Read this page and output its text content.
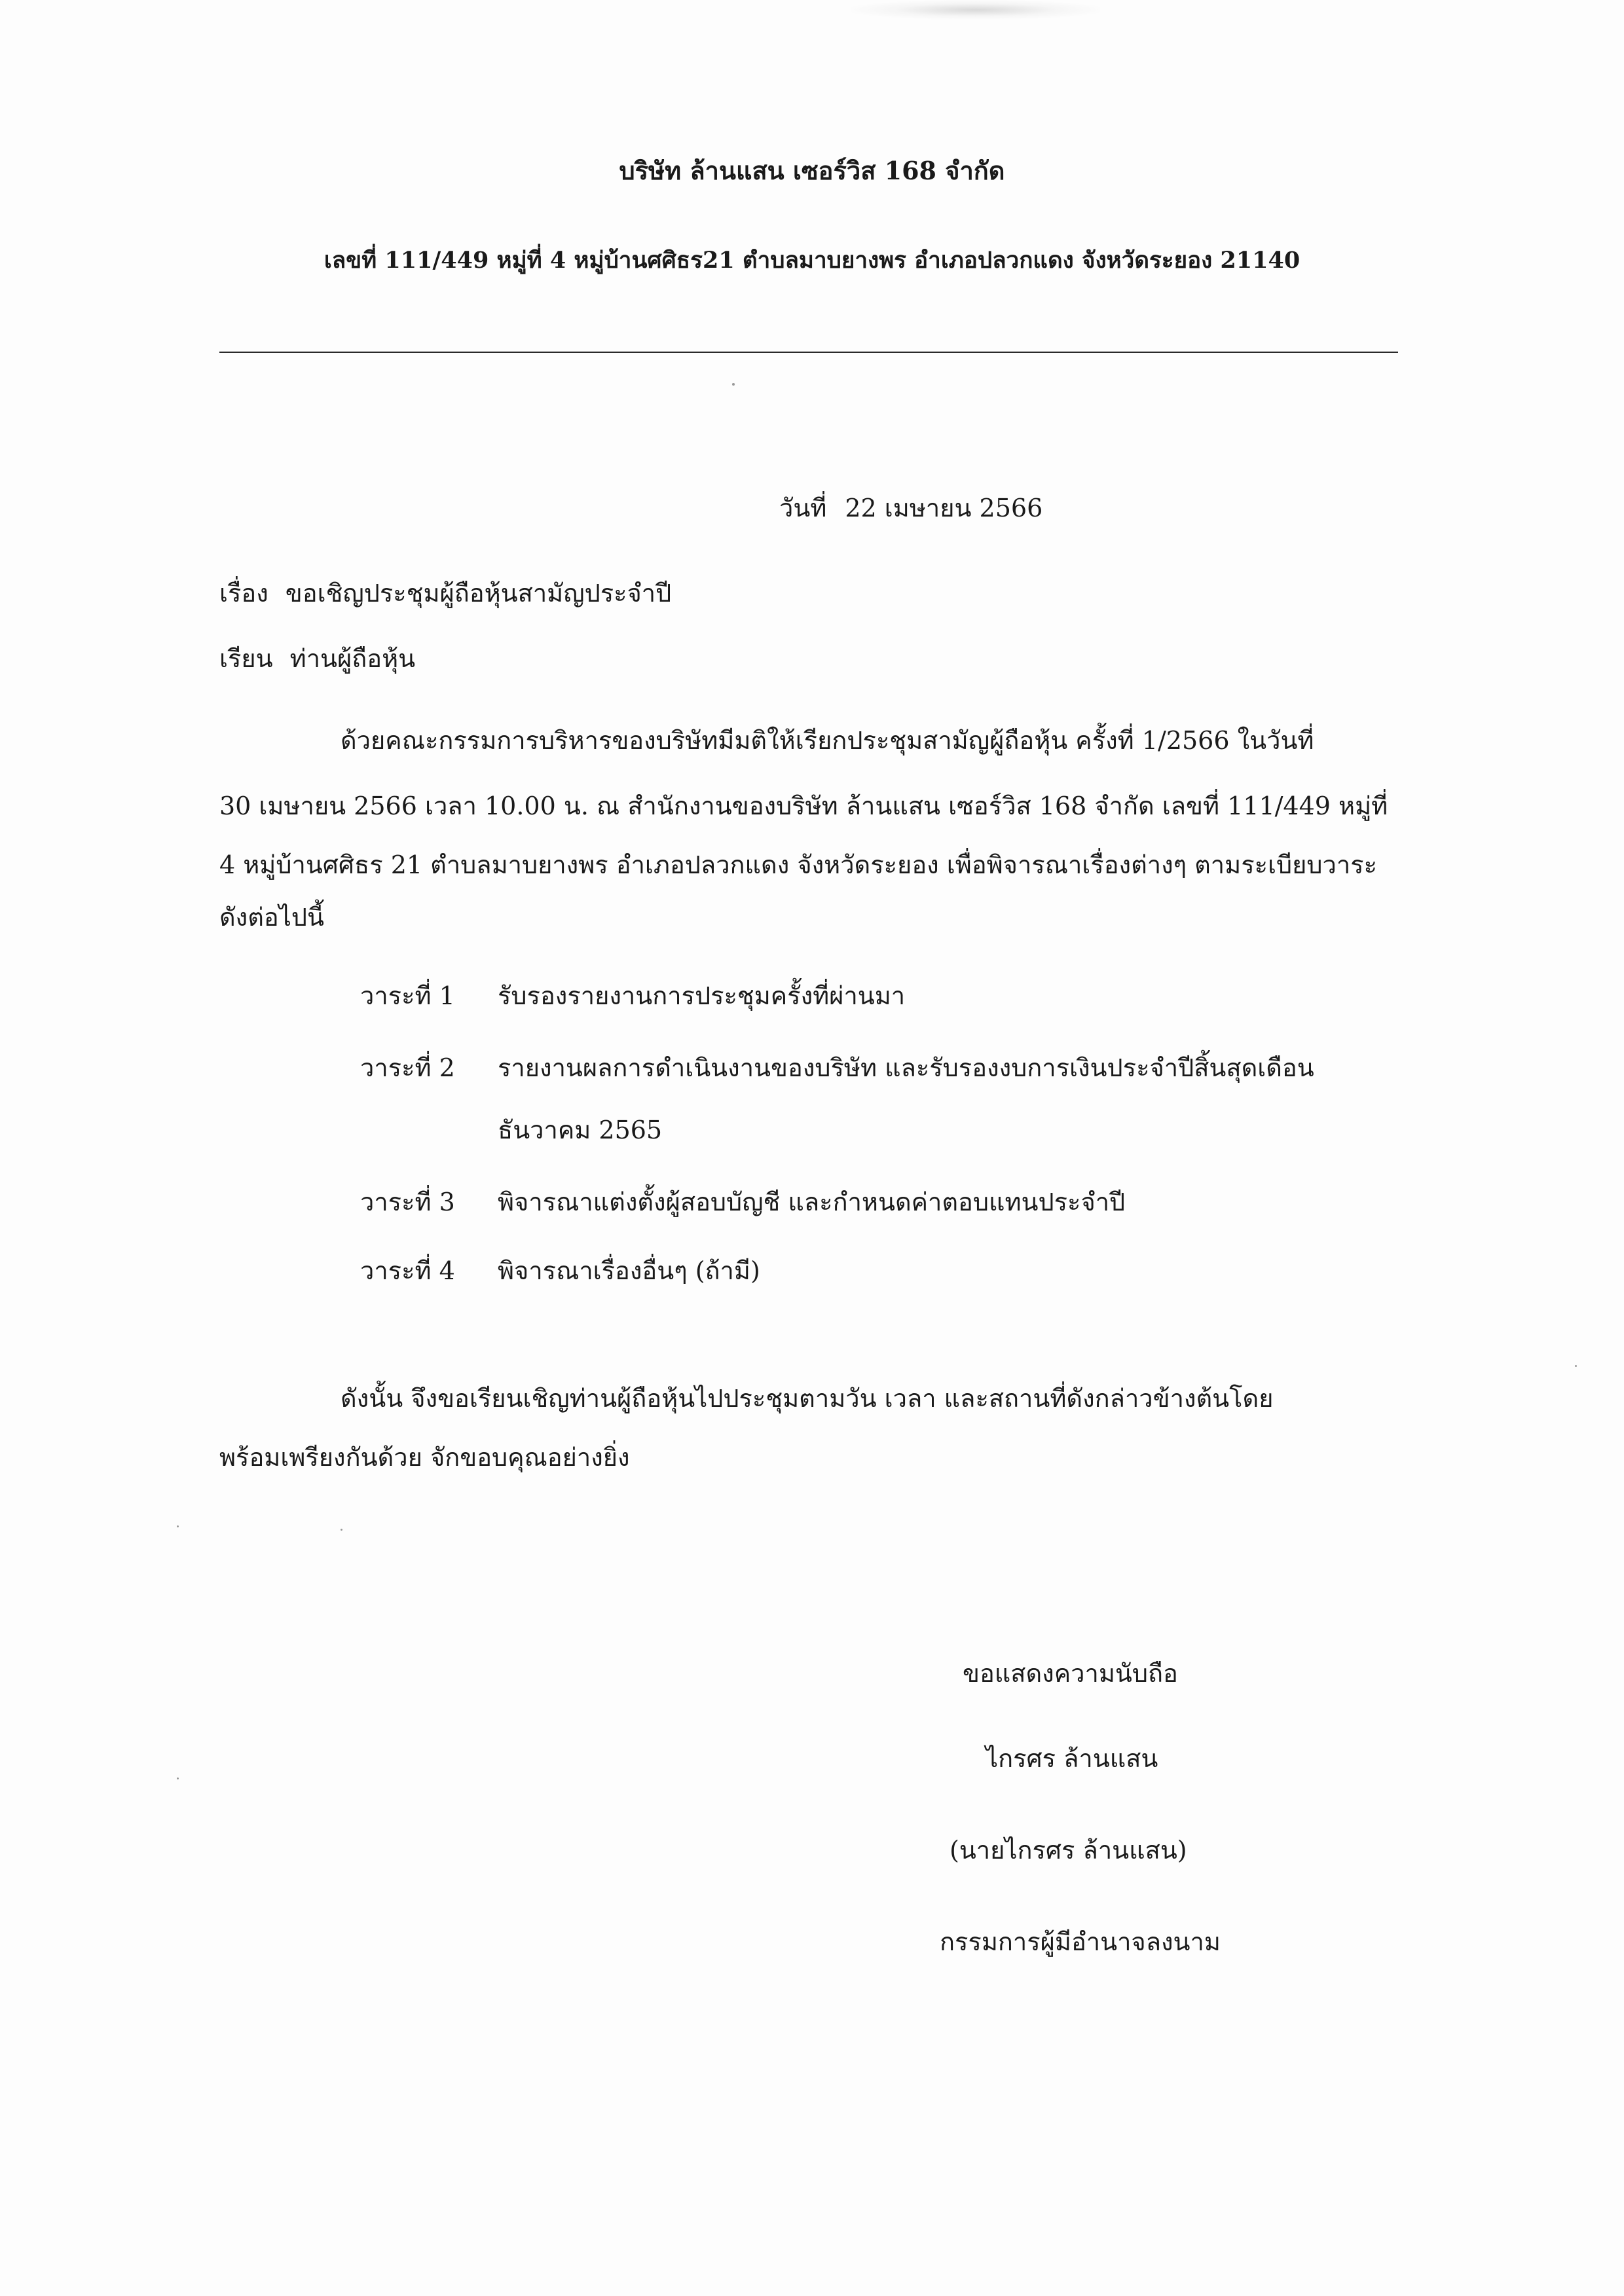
บริษัท ล้านแสน เซอร์วิส 168 จำกัด
เลขที่ 111/449 หมู่ที่ 4 หมู่บ้านศศิธร21 ตำบลมาบยางพร อำเภอปลวกแดง จังหวัดระยอง 21140
วันที่ 22 เมษายน 2566
เรื่อง ขอเชิญประชุมผู้ถือหุ้นสามัญประจำปี
เรียน ท่านผู้ถือหุ้น
ด้วยคณะกรรมการบริหารของบริษัทมีมติให้เรียกประชุมสามัญผู้ถือหุ้น ครั้งที่ 1/2566 ในวันที่
30 เมษายน 2566 เวลา 10.00 น. ณ สำนักงานของบริษัท ล้านแสน เซอร์วิส 168 จำกัด เลขที่ 111/449 หมู่ที่
4 หมู่บ้านศศิธร 21 ตำบลมาบยางพร อำเภอปลวกแดง จังหวัดระยอง เพื่อพิจารณาเรื่องต่างๆ ตามระเบียบวาระ
ดังต่อไปนี้
วาระที่ 1 รับรองรายงานการประชุมครั้งที่ผ่านมา
วาระที่ 2 รายงานผลการดำเนินงานของบริษัท และรับรองงบการเงินประจำปีสิ้นสุดเดือน
ธันวาคม 2565
วาระที่ 3 พิจารณาแต่งตั้งผู้สอบบัญชี และกำหนดค่าตอบแทนประจำปี
วาระที่ 4 พิจารณาเรื่องอื่นๆ (ถ้ามี)
ดังนั้น จึงขอเรียนเชิญท่านผู้ถือหุ้นไปประชุมตามวัน เวลา และสถานที่ดังกล่าวข้างต้นโดย
พร้อมเพรียงกันด้วย จักขอบคุณอย่างยิ่ง
ขอแสดงความนับถือ
ไกรศร ล้านแสน
(นายไกรศร ล้านแสน)
กรรมการผู้มีอำนาจลงนาม
